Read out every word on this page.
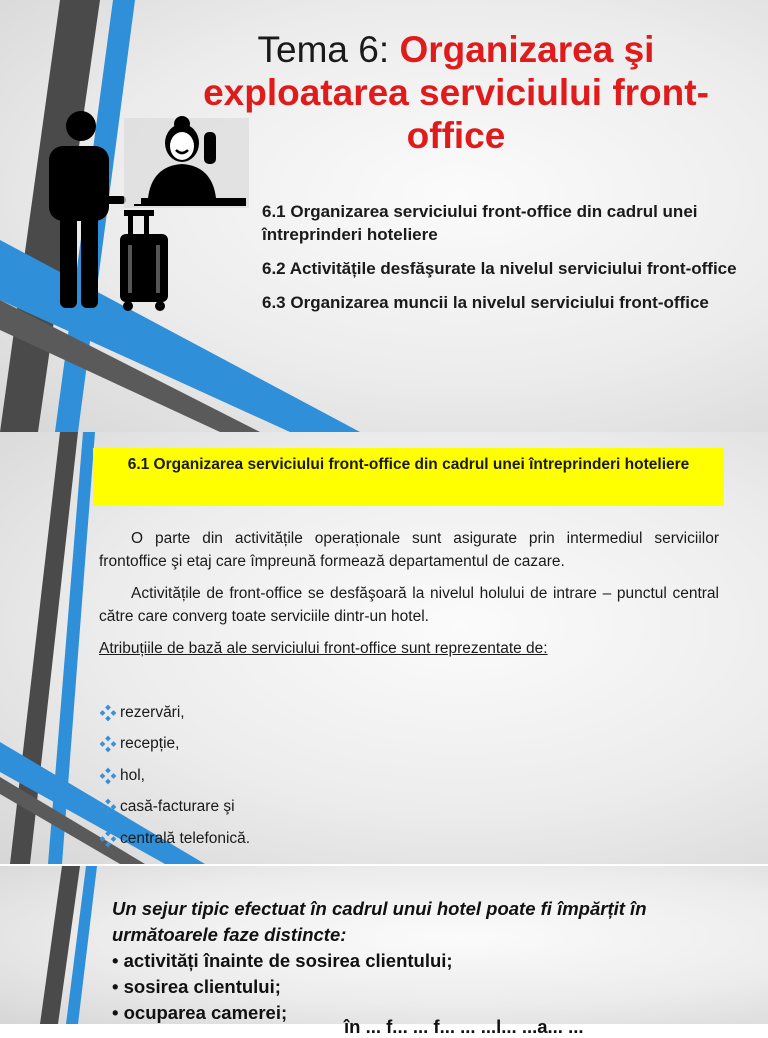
Tema 6: Organizarea şi exploatarea serviciului front-office
6.1 Organizarea serviciului front-office din cadrul unei întreprinderi hoteliere
6.2 Activitățile desfăşurate la nivelul serviciului front-office
6.3 Organizarea muncii la nivelul serviciului front-office
6.1 Organizarea serviciului front-office din cadrul unei întreprinderi hoteliere

O parte din activitățile operaționale sunt asigurate prin intermediul serviciilor frontoffice şi etaj care împreună formează departamentul de cazare.

Activitățile de front-office se desfăşoară la nivelul holului de intrare – punctul central către care converg toate serviciile dintr-un hotel.

Atribuțiile de bază ale serviciului front-office sunt reprezentate de:
rezervări,
recepție,
hol,
casă-facturare şi
centrală telefonică.
Un sejur tipic efectuat în cadrul unui hotel poate fi împărțit în următoarele faze distincte:
• activități înainte de sosirea clientului;
• sosirea clientului;
• ocuparea camerei;
în ... f... ... f... ... ...l... ...a... ...
